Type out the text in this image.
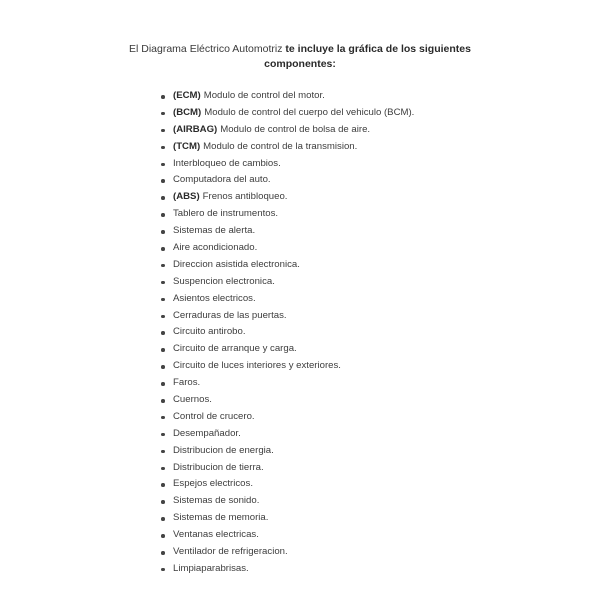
El Diagrama Eléctrico Automotriz te incluye la gráfica de los siguientes componentes:
(ECM) Modulo de control del motor.
(BCM) Modulo de control del cuerpo del vehiculo (BCM).
(AIRBAG) Modulo de control de bolsa de aire.
(TCM) Modulo de control de la transmision.
Interbloqueo de cambios.
Computadora del auto.
(ABS) Frenos antibloqueo.
Tablero de instrumentos.
Sistemas de alerta.
Aire acondicionado.
Direccion asistida electronica.
Suspencion electronica.
Asientos electricos.
Cerraduras de las puertas.
Circuito antirobo.
Circuito de arranque y carga.
Circuito de luces interiores y exteriores.
Faros.
Cuernos.
Control de crucero.
Desempañador.
Distribucion de energia.
Distribucion de tierra.
Espejos electricos.
Sistemas de sonido.
Sistemas de memoria.
Ventanas electricas.
Ventilador de refrigeracion.
Limpiaparabrisas.
